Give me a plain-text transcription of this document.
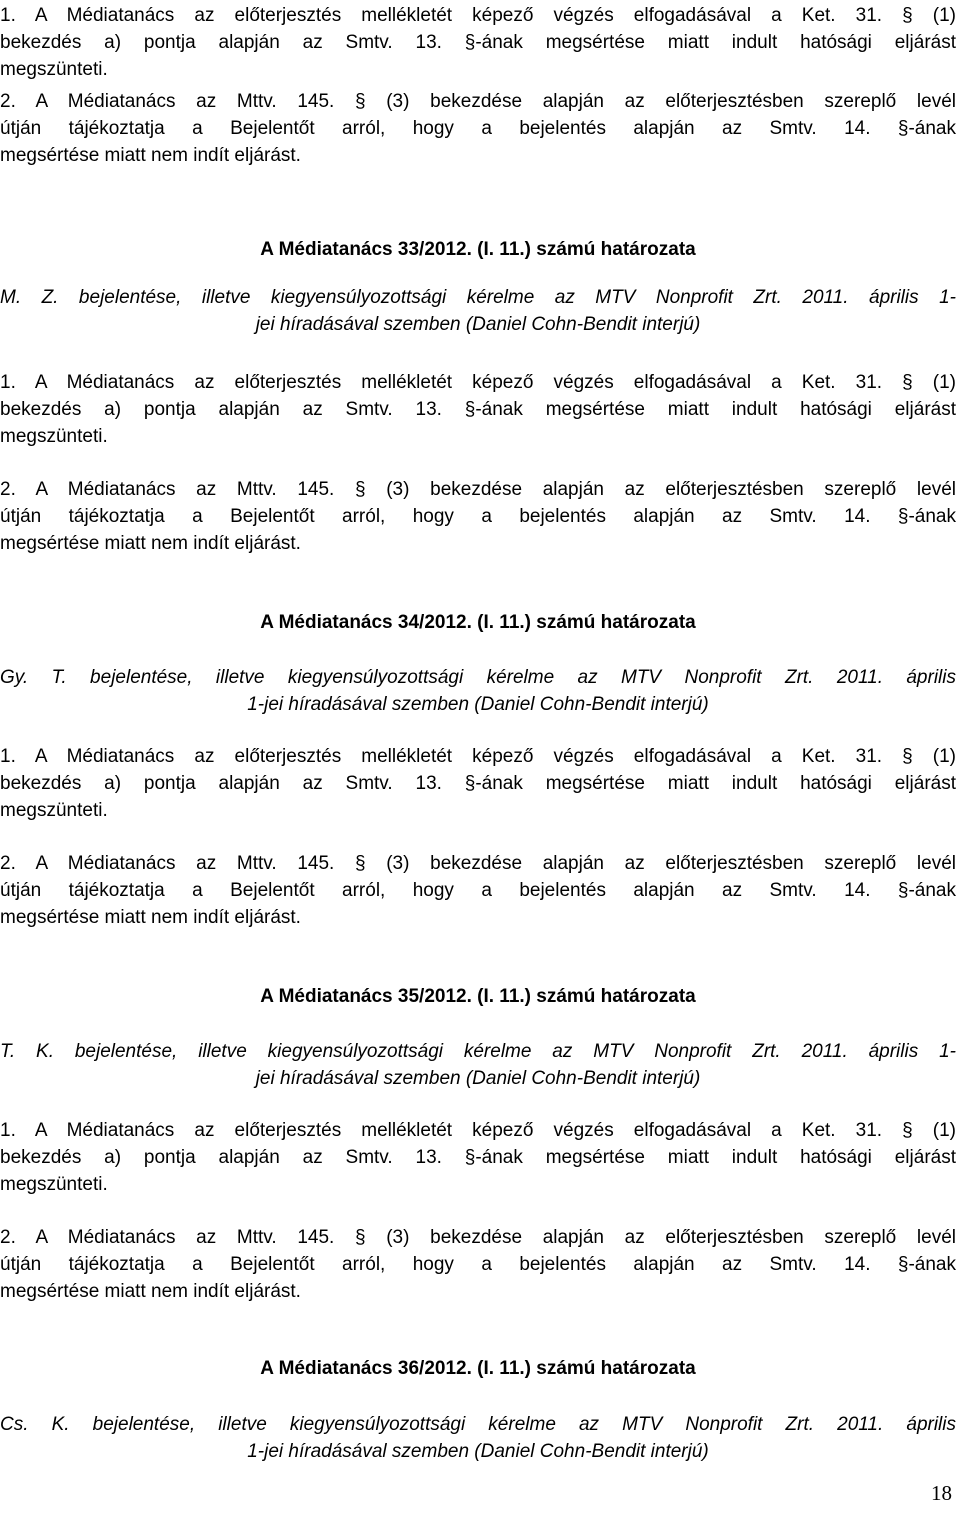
1. A Médiatanács az előterjesztés mellékletét képező végzés elfogadásával a Ket. 31. § (1)
bekezdés a) pontja alapján az Smtv. 13. §-ának megsértése miatt indult hatósági eljárást
megszünteti.
2. A Médiatanács az Mttv. 145. § (3) bekezdése alapján az előterjesztésben szereplő levél
útján tájékoztatja a Bejelentőt arról, hogy a bejelentés alapján az Smtv. 14. §-ának
megsértése miatt nem indít eljárást.
A Médiatanács 33/2012. (I. 11.) számú határozata
M. Z. bejelentése, illetve kiegyensúlyozottsági kérelme az MTV Nonprofit Zrt. 2011. április 1-
jei híradásával szemben (Daniel Cohn-Bendit interjú)
1. A Médiatanács az előterjesztés mellékletét képező végzés elfogadásával a Ket. 31. § (1)
bekezdés a) pontja alapján az Smtv. 13. §-ának megsértése miatt indult hatósági eljárást
megszünteti.
2. A Médiatanács az Mttv. 145. § (3) bekezdése alapján az előterjesztésben szereplő levél
útján tájékoztatja a Bejelentőt arról, hogy a bejelentés alapján az Smtv. 14. §-ának
megsértése miatt nem indít eljárást.
A Médiatanács 34/2012. (I. 11.) számú határozata
Gy. T. bejelentése, illetve kiegyensúlyozottsági kérelme az MTV Nonprofit Zrt. 2011. április
1-jei híradásával szemben (Daniel Cohn-Bendit interjú)
1. A Médiatanács az előterjesztés mellékletét képező végzés elfogadásával a Ket. 31. § (1)
bekezdés a) pontja alapján az Smtv. 13. §-ának megsértése miatt indult hatósági eljárást
megszünteti.
2. A Médiatanács az Mttv. 145. § (3) bekezdése alapján az előterjesztésben szereplő levél
útján tájékoztatja a Bejelentőt arról, hogy a bejelentés alapján az Smtv. 14. §-ának
megsértése miatt nem indít eljárást.
A Médiatanács 35/2012. (I. 11.) számú határozata
T. K. bejelentése, illetve kiegyensúlyozottsági kérelme az MTV Nonprofit Zrt. 2011. április 1-
jei híradásával szemben (Daniel Cohn-Bendit interjú)
1. A Médiatanács az előterjesztés mellékletét képező végzés elfogadásával a Ket. 31. § (1)
bekezdés a) pontja alapján az Smtv. 13. §-ának megsértése miatt indult hatósági eljárást
megszünteti.
2. A Médiatanács az Mttv. 145. § (3) bekezdése alapján az előterjesztésben szereplő levél
útján tájékoztatja a Bejelentőt arról, hogy a bejelentés alapján az Smtv. 14. §-ának
megsértése miatt nem indít eljárást.
A Médiatanács 36/2012. (I. 11.) számú határozata
Cs. K. bejelentése, illetve kiegyensúlyozottsági kérelme az MTV Nonprofit Zrt. 2011. április
1-jei híradásával szemben (Daniel Cohn-Bendit interjú)
18
